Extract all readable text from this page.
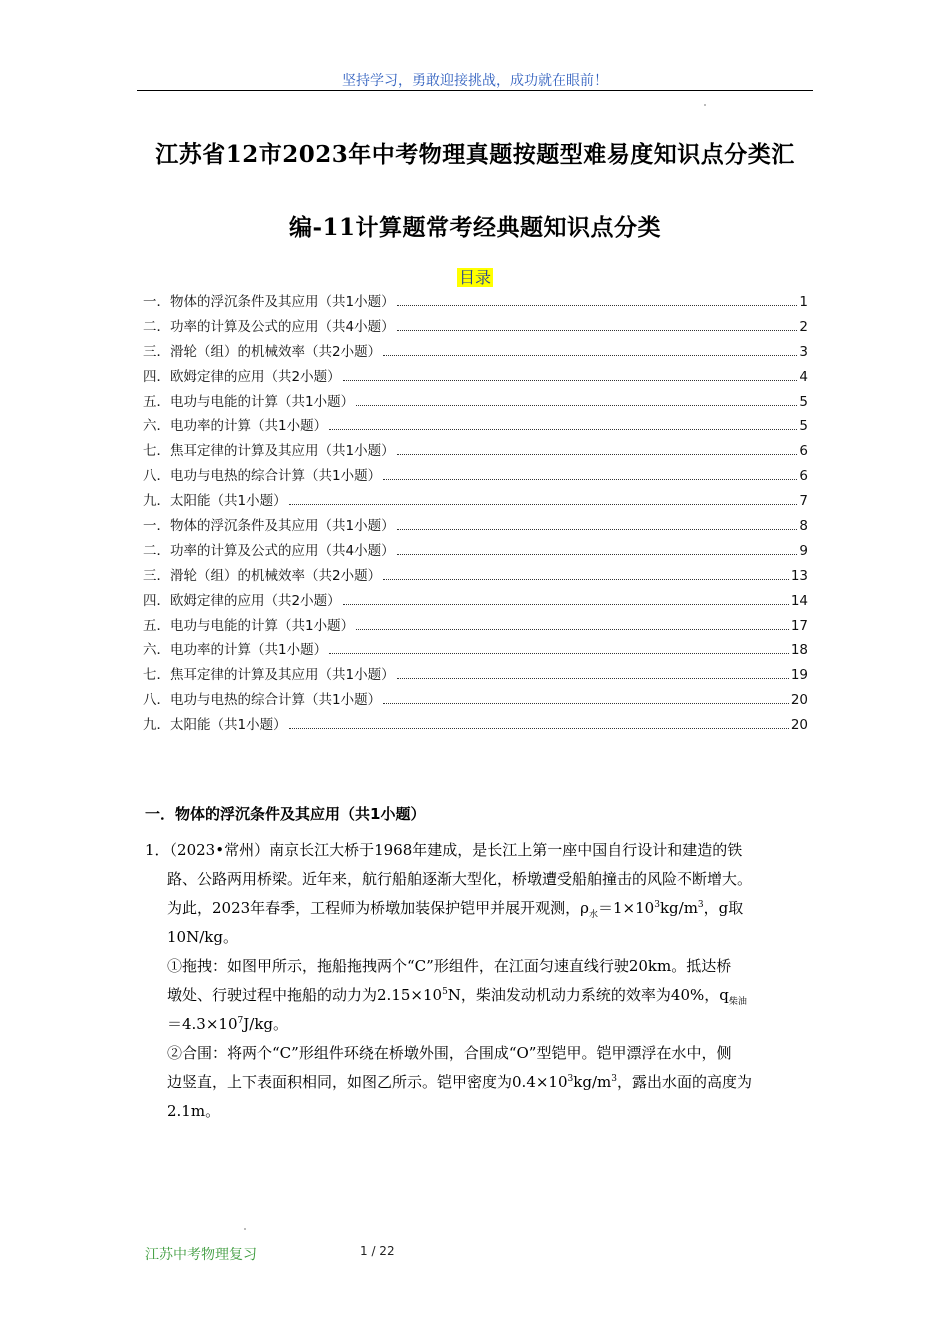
坚持学习，勇敢迎接挑战，成功就在眼前！
江苏省12市2023年中考物理真题按题型难易度知识点分类汇
编-11计算题常考经典题知识点分类
目录
一．物体的浮沉条件及其应用（共1小题）	1
二．功率的计算及公式的应用（共4小题）	2
三．滑轮（组）的机械效率（共2小题）	3
四．欧姆定律的应用（共2小题）	4
五．电功与电能的计算（共1小题）	5
六．电功率的计算（共1小题）	5
七．焦耳定律的计算及其应用（共1小题）	6
八．电功与电热的综合计算（共1小题）	6
九．太阳能（共1小题）	7
一．物体的浮沉条件及其应用（共1小题）	8
二．功率的计算及公式的应用（共4小题）	9
三．滑轮（组）的机械效率（共2小题）	13
四．欧姆定律的应用（共2小题）	14
五．电功与电能的计算（共1小题）	17
六．电功率的计算（共1小题）	18
七．焦耳定律的计算及其应用（共1小题）	19
八．电功与电热的综合计算（共1小题）	20
九．太阳能（共1小题）	20
一．物体的浮沉条件及其应用（共1小题）
1．（2023•常州）南京长江大桥于1968年建成，是长江上第一座中国自行设计和建造的铁
路、公路两用桥梁。近年来，航行船舶逐渐大型化，桥墩遭受船舶撞击的风险不断增大。
为此，2023年春季，工程师为桥墩加装保护铠甲并展开观测，$\rho_水=1\times 10^3kg/m^3$，g取
10N/kg。
①拖拽：如图甲所示，拖船拖拽两个“C”形组件，在江面匀速直线行驶20km。抵达桥
墩处、行驶过程中拖船的动力为$2.15\times 10^5N$，柴油发动机动力系统的效率为40%，$q_{柴油}$
$=4.3\times 10^7J/kg$。
②合围：将两个“C”形组件环绕在桥墩外围，合围成“O”型铠甲。铠甲漂浮在水中，侧
边竖直，上下表面积相同，如图乙所示。铠甲密度为$0.4\times 10^3kg/m^3$，露出水面的高度为
2.1m。
江苏中考物理复习	1 / 22
